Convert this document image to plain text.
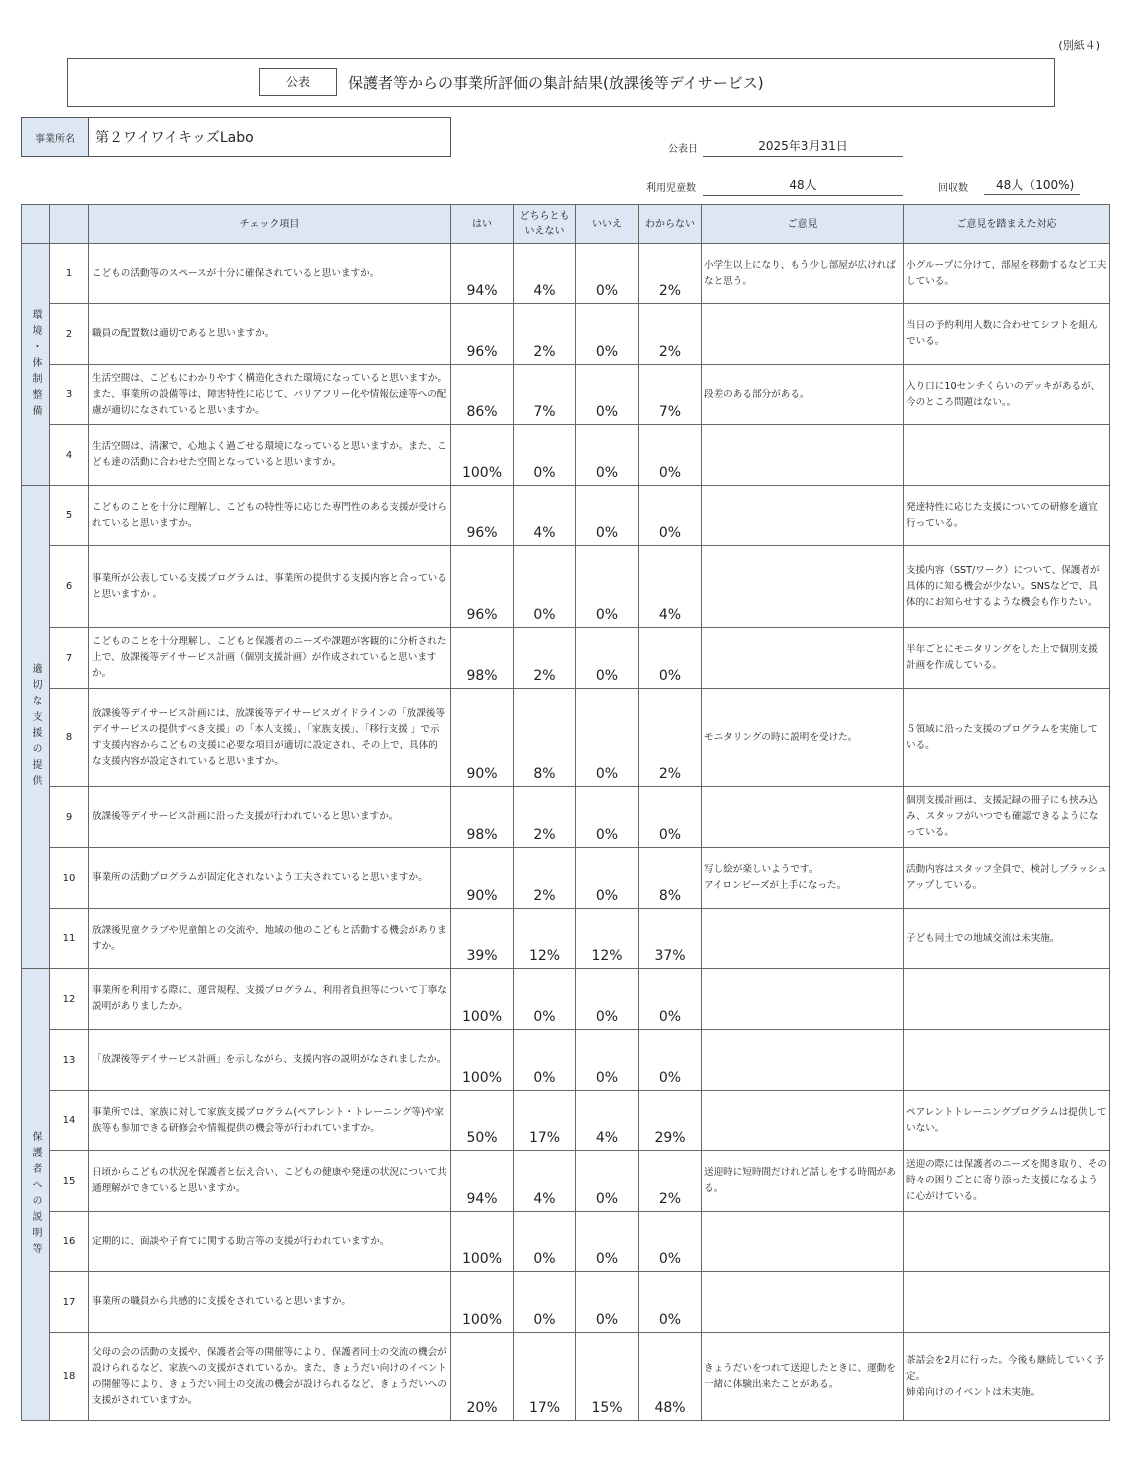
(別紙４)
公表	保護者等からの事業所評価の集計結果(放課後等デイサービス)
事業所名	第２ワイワイキッズLabo
公表日	2025年3月31日
利用児童数	48人	回収数	48人（100%)
		チェック項目	はい	どちらとも
いえない	いいえ	わからない	ご意見	ご意見を踏まえた対応

環境・体制整備	1	こどもの活動等のスペースが十分に確保されていると思いますか。	94%	4%	0%	2%	小学生以上になり、もう少し部屋が広ければなと思う。	小グループに分けて、部屋を移動するなど工夫している。
	2	職員の配置数は適切であると思いますか。	96%	2%	0%	2%		当日の予約利用人数に合わせてシフトを組んでいる。
	3	生活空間は、こどもにわかりやすく構造化された環境になっていると思いますか。また、事業所の設備等は、障害特性に応じて、バリアフリー化や情報伝達等への配慮が適切になされていると思いますか。	86%	7%	0%	7%	段差のある部分がある。	入り口に10センチくらいのデッキがあるが、今のところ問題はない。。
	4	生活空間は、清潔で、心地よく過ごせる環境になっていると思いますか。また、こども達の活動に合わせた空間となっていると思いますか。	100%	0%	0%	0%		

適切な支援の提供	5	こどものことを十分に理解し、こどもの特性等に応じた専門性のある支援が受けられていると思いますか。	96%	4%	0%	0%		発達特性に応じた支援についての研修を適宜行っている。
	6	事業所が公表している支援プログラムは、事業所の提供する支援内容と合っていると思いますか 。	96%	0%	0%	4%		支援内容（SST/ワーク）について、保護者が具体的に知る機会が少ない。SNSなどで、具体的にお知らせするような機会も作りたい。
	7	こどものことを十分理解し、こどもと保護者のニーズや課題が客観的に分析された上で、放課後等デイサービス計画（個別支援計画）が作成されていると思いますか。	98%	2%	0%	0%		半年ごとにモニタリングをした上で個別支援計画を作成している。
	8	放課後等デイサービス計画には、放課後等デイサービスガイドラインの「放課後等デイサービスの提供すべき支援」の「本人支援」、「家族支援」、「移行支援 」で示す支援内容からこどもの支援に必要な項目が適切に設定され、その上で、具体的な支援内容が設定されていると思いますか。	90%	8%	0%	2%	モニタリングの時に説明を受けた。	５領域に沿った支援のプログラムを実施している。
	9	放課後等デイサービス計画に沿った支援が行われていると思いますか。	98%	2%	0%	0%		個別支援計画は、支援記録の冊子にも挟み込み、スタッフがいつでも確認できるようになっている。
	10	事業所の活動プログラムが固定化されないよう工夫されていると思いますか。	90%	2%	0%	8%	写し絵が楽しいようです。
アイロンビーズが上手になった。	活動内容はスタッフ全員で、検討しブラッシュアップしている。
	11	放課後児童クラブや児童館との交流や、地域の他のこどもと活動する機会がありますか。	39%	12%	12%	37%		子ども同士での地域交流は未実施。

保護者への説明等	12	事業所を利用する際に、運営規程、支援プログラム、利用者負担等について丁寧な説明がありましたか。	100%	0%	0%	0%		
	13	「放課後等デイサービス計画」を示しながら、支援内容の説明がなされましたか。	100%	0%	0%	0%		
	14	事業所では、家族に対して家族支援プログラム(ペアレント・トレーニング等)や家族等も参加できる研修会や情報提供の機会等が行われていますか。	50%	17%	4%	29%		ペアレントトレーニングプログラムは提供していない。
	15	日頃からこどもの状況を保護者と伝え合い、こどもの健康や発達の状況について共通理解ができていると思いますか。	94%	4%	0%	2%	送迎時に短時間だけれど話しをする時間がある。	送迎の際には保護者のニーズを聞き取り、その時々の困りごとに寄り添った支援になるように心がけている。
	16	定期的に、面談や子育てに関する助言等の支援が行われていますか。	100%	0%	0%	0%		
	17	事業所の職員から共感的に支援をされていると思いますか。	100%	0%	0%	0%		
	18	父母の会の活動の支援や、保護者会等の開催等により、保護者同士の交流の機会が設けられるなど、家族への支援がされているか。また、きょうだい向けのイベントの開催等により、きょうだい同士の交流の機会が設けられるなど、きょうだいへの支援がされていますか。	20%	17%	15%	48%	きょうだいをつれて送迎したときに、運動を一緒に体験出来たことがある。	茶話会を2月に行った。今後も継続していく予定。
姉弟向けのイベントは未実施。
